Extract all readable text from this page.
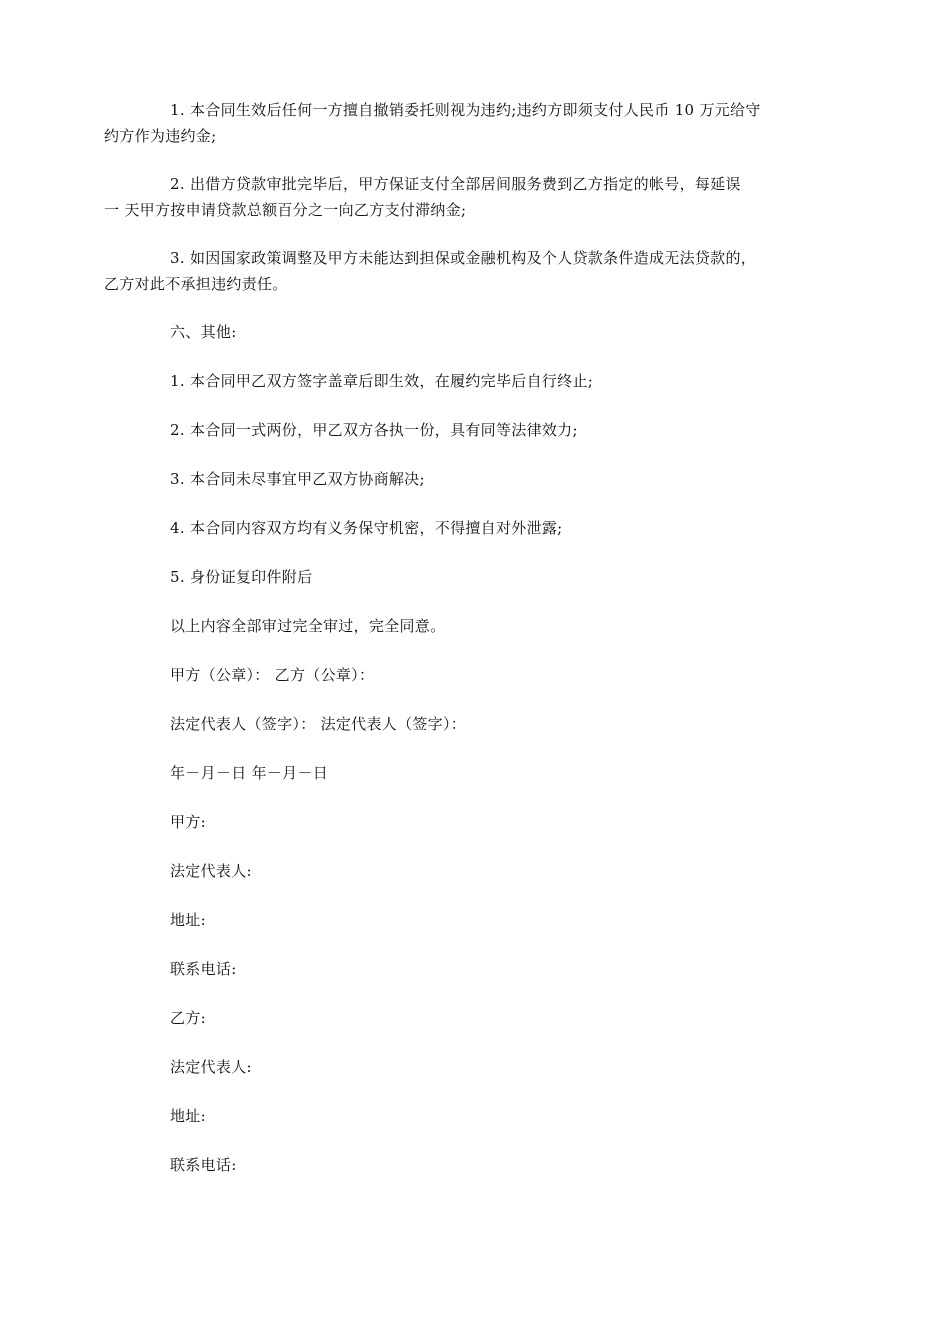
1. 本合同生效后任何一方擅自撤销委托则视为违约;违约方即须支付人民币 10 万元给守
约方作为违约金;
2. 出借方贷款审批完毕后，甲方保证支付全部居间服务费到乙方指定的帐号，每延误
一 天甲方按申请贷款总额百分之一向乙方支付滞纳金;
3. 如因国家政策调整及甲方未能达到担保或金融机构及个人贷款条件造成无法贷款的，
乙方对此不承担违约责任。
六、其他:
1. 本合同甲乙双方签字盖章后即生效，在履约完毕后自行终止;
2. 本合同一式两份，甲乙双方各执一份，具有同等法律效力;
3. 本合同未尽事宜甲乙双方协商解决;
4. 本合同内容双方均有义务保守机密，不得擅自对外泄露;
5. 身份证复印件附后
以上内容全部审过完全审过，完全同意。
甲方（公章）： 乙方（公章）：
法定代表人（签字）： 法定代表人（签字）：
年－月－日 年－月－日
甲方:
法定代表人:
地址:
联系电话:
乙方:
法定代表人:
地址:
联系电话:
